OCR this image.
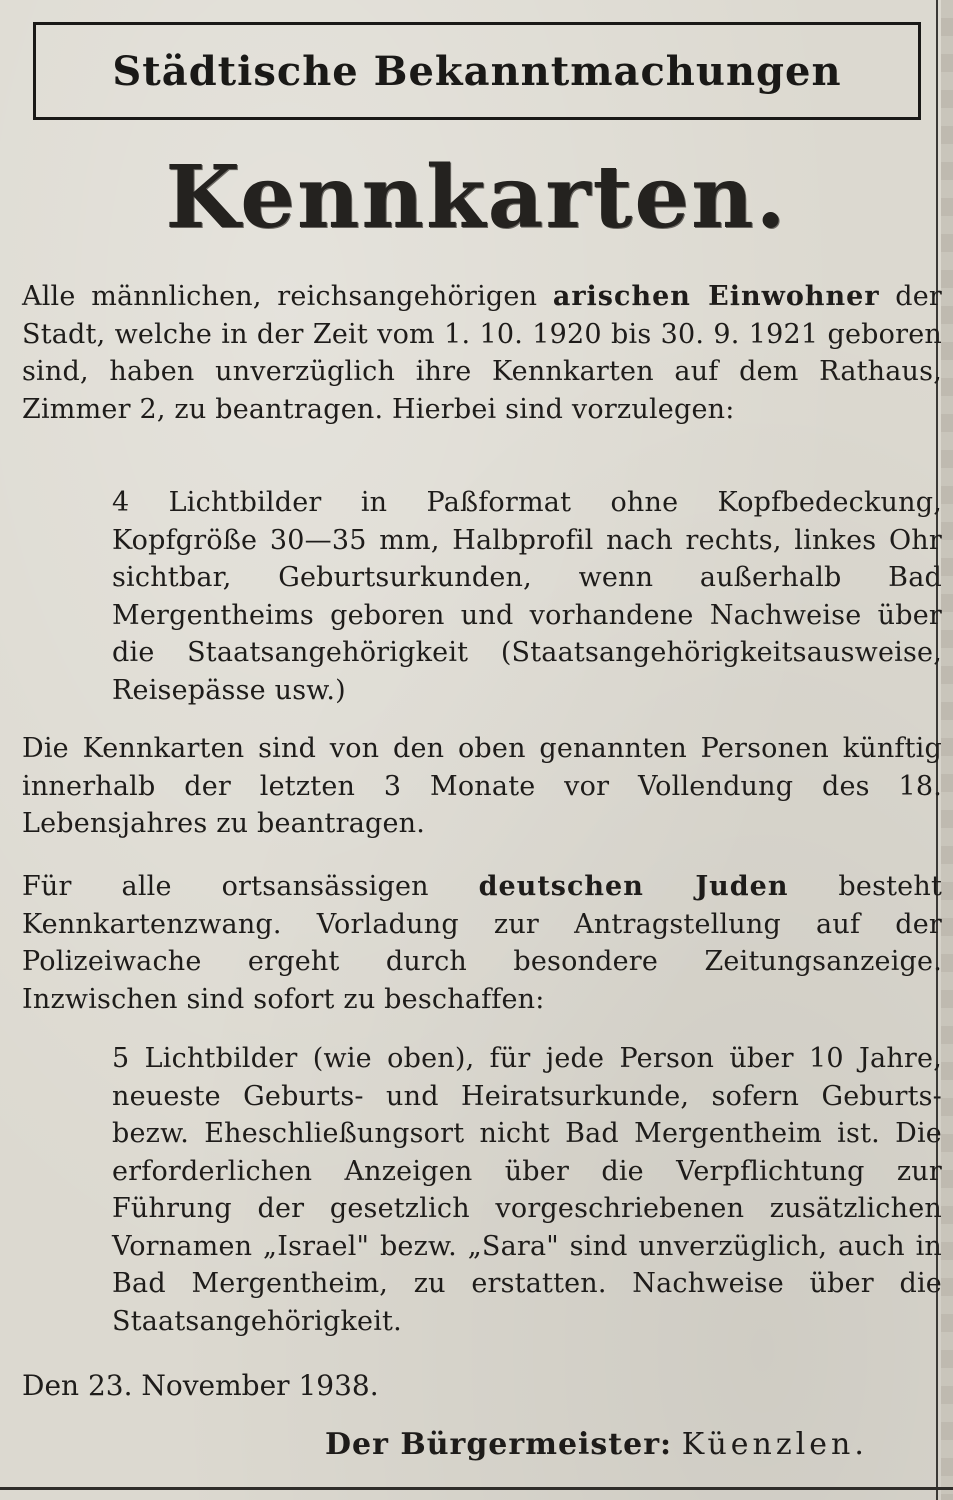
Städtische Bekanntmachungen
Kennkarten.
Alle männlichen, reichsangehörigen arischen Einwohner der Stadt, welche in der Zeit vom 1. 10. 1920 bis 30. 9. 1921 geboren sind, haben unverzüglich ihre Kennkarten auf dem Rathaus, Zimmer 2, zu beantragen. Hierbei sind vorzulegen:
4 Lichtbilder in Paßformat ohne Kopfbedeckung, Kopfgröße 30—35 mm, Halbprofil nach rechts, linkes Ohr sichtbar, Geburtsurkunden, wenn außerhalb Bad Mergentheims geboren und vorhandene Nachweise über die Staatsangehörigkeit (Staatsangehörigkeitsausweise, Reisepässe usw.)
Die Kennkarten sind von den oben genannten Personen künftig innerhalb der letzten 3 Monate vor Vollendung des 18. Lebensjahres zu beantragen.
Für alle ortsansässigen deutschen Juden besteht Kennkartenzwang. Vorladung zur Antragstellung auf der Polizeiwache ergeht durch besondere Zeitungsanzeige. Inzwischen sind sofort zu beschaffen:
5 Lichtbilder (wie oben), für jede Person über 10 Jahre, neueste Geburts- und Heiratsurkunde, sofern Geburts- bezw. Eheschließungsort nicht Bad Mergentheim ist. Die erforderlichen Anzeigen über die Verpflichtung zur Führung der gesetzlich vorgeschriebenen zusätzlichen Vornamen „Israel" bezw. „Sara" sind unverzüglich, auch in Bad Mergentheim, zu erstatten. Nachweise über die Staatsangehörigkeit.
Den 23. November 1938.
Der Bürgermeister: Küenzlen.
